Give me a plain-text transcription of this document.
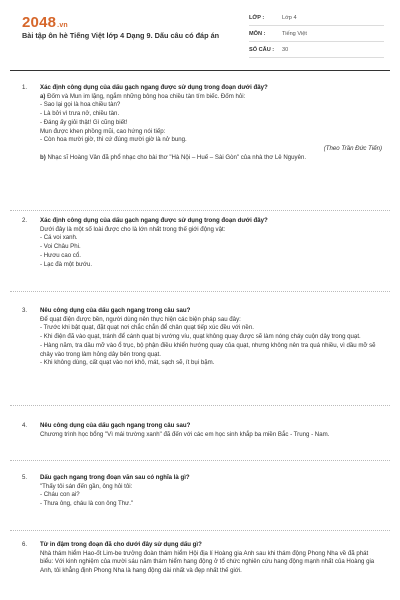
2048.vn
Bài tập ôn hè Tiếng Việt lớp 4 Dạng 9. Dấu câu có đáp án
LỚP :	Lớp 4
MÔN :	Tiếng Việt
SỐ CÂU :	30
1. Xác định công dụng của dấu gạch ngang được sử dụng trong đoạn dưới đây?

a) Đốm và Mun im lặng, ngắm những bông hoa chiều tàn tím biếc. Đốm hỏi:

- Sao lại gọi là hoa chiều tàn?

- Là bởi vì trưa nở, chiều tàn.

- Đáng ấy giỏi thật! Gì cũng biết!

Mun được khen phồng mũi, cao hứng nói tiếp:

- Còn hoa mười giờ, thì cứ đúng mười giờ là nở bung.

(Theo Trần Đức Tiến)

b) Nhạc sĩ Hoàng Vân đã phổ nhạc cho bài thơ "Hà Nội – Huế – Sài Gòn" của nhà thơ Lê Nguyên.

2. Xác định công dụng của dấu gạch ngang được sử dụng trong đoạn dưới đây?

Dưới đây là một số loài được cho là lớn nhất trong thế giới động vật:

- Cá voi xanh.

- Voi Châu Phi.

- Hươu cao cổ.

- Lạc đà một bướu.

3. Nêu công dụng của dấu gạch ngang trong câu sau?

Để quạt điện được bền, người dùng nên thực hiện các biện pháp sau đây:

- Trước khi bật quạt, đặt quạt nơi chắc chắn để chân quạt tiếp xúc đều với nền.

- Khi điện đã vào quạt, tránh để cánh quạt bị vướng víu, quạt không quay được sẽ làm nóng cháy cuộn dây trong quạt.

- Hàng năm, tra dầu mỡ vào ổ trục, bộ phận điều khiển hướng quay của quạt, nhưng không nên tra quá nhiều, vì dầu mỡ sẽ chảy vào trong làm hỏng dây bên trong quạt.

- Khi không dùng, cất quạt vào nơi khô, mát, sạch sẽ, ít bụi bặm.

4. Nêu công dụng của dấu gạch ngang trong câu sau?

Chương trình học bổng "Vì mái trường xanh" đã đến với các em học sinh khắp ba miền Bắc - Trung - Nam.

5. Dấu gạch ngang trong đoạn văn sau có nghĩa là gì?

"Thấy tôi sán đến gần, ông hỏi tôi:

- Cháu con ai?

- Thưa ông, cháu là con ông Thư."

6. Từ in đậm trong đoạn đã cho dưới đây sử dụng dấu gì?

Nhà thám hiểm Hao-ốt Lim-be trưởng đoàn thám hiểm Hội địa lí Hoàng gia Anh sau khi thám động Phong Nha về đã phát biểu: Với kinh nghiệm của mười sáu năm thám hiểm hang động ở tổ chức nghiên cứu hang động mạnh nhất của Hoàng gia Anh, tôi khẳng định Phong Nha là hang động dài nhất và đẹp nhất thế giới.
